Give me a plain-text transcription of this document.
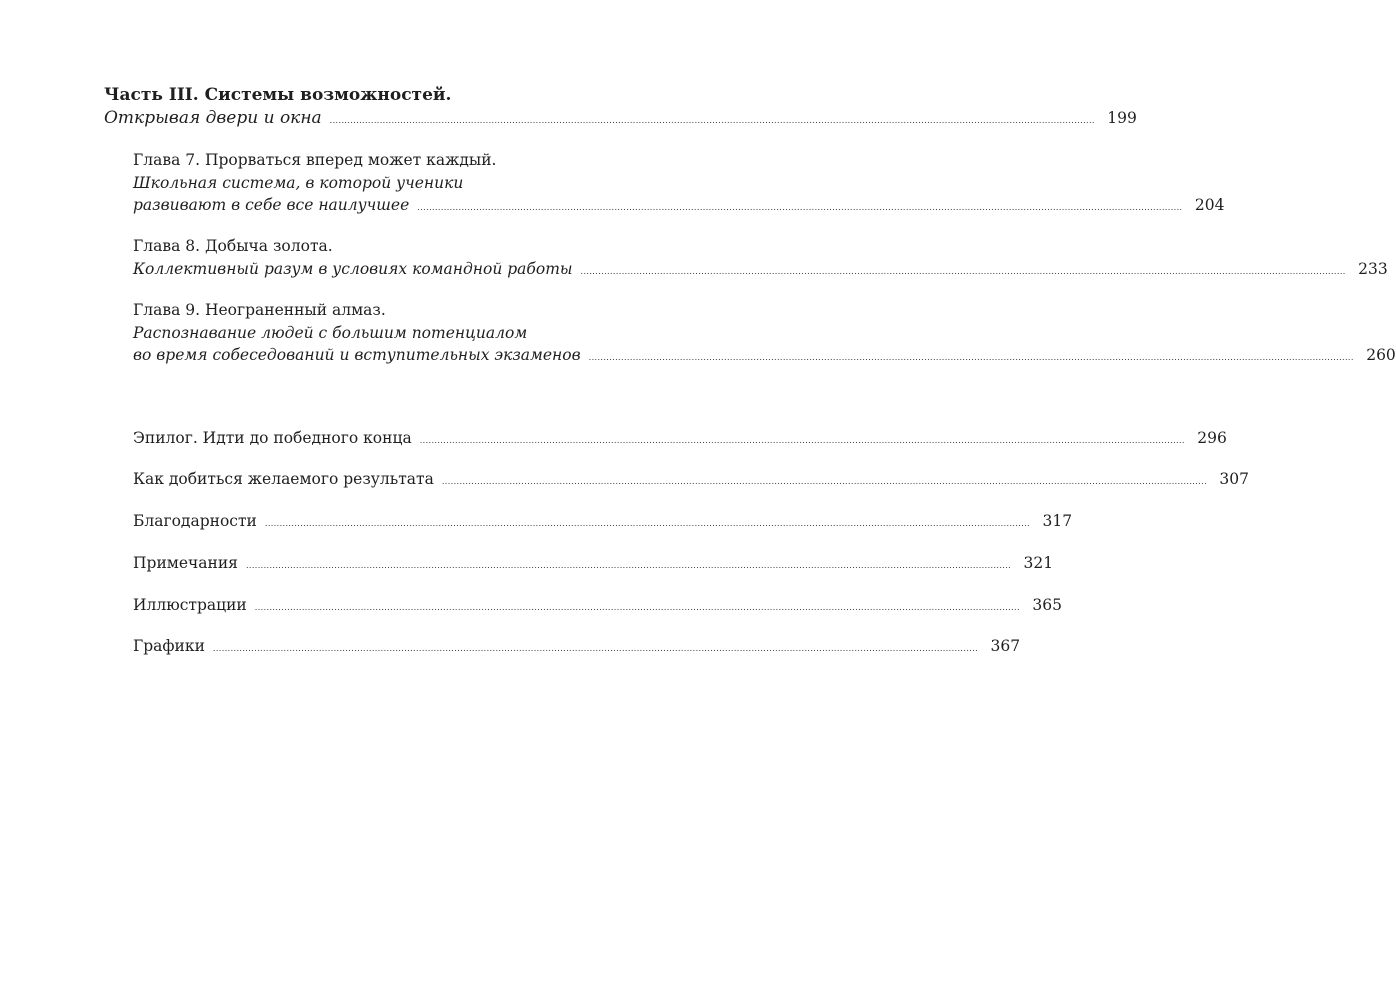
Часть III. Системы возможностей.
Открывая двери и окна	.................................................................................................................................................................................................................................................................... 199
Глава 7. Прорваться вперед может каждый.
Школьная система, в которой ученики
развивают в себе все наилучшее	.................................................................................................................................................................................................................................................................... 204
Глава 8. Добыча золота.
Коллективный разум в условиях командной работы	.................................................................................................................................................................................................................................................................... 233
Глава 9. Неограненный алмаз.
Распознавание людей с большим потенциалом
во время собеседований и вступительных экзаменов	.................................................................................................................................................................................................................................................................... 260
Эпилог. Идти до победного конца	.................................................................................................................................................................................................................................................................... 296
Как добиться желаемого результата	.................................................................................................................................................................................................................................................................... 307
Благодарности	.................................................................................................................................................................................................................................................................... 317
Примечания	.................................................................................................................................................................................................................................................................... 321
Иллюстрации	.................................................................................................................................................................................................................................................................... 365
Графики	.................................................................................................................................................................................................................................................................... 367
